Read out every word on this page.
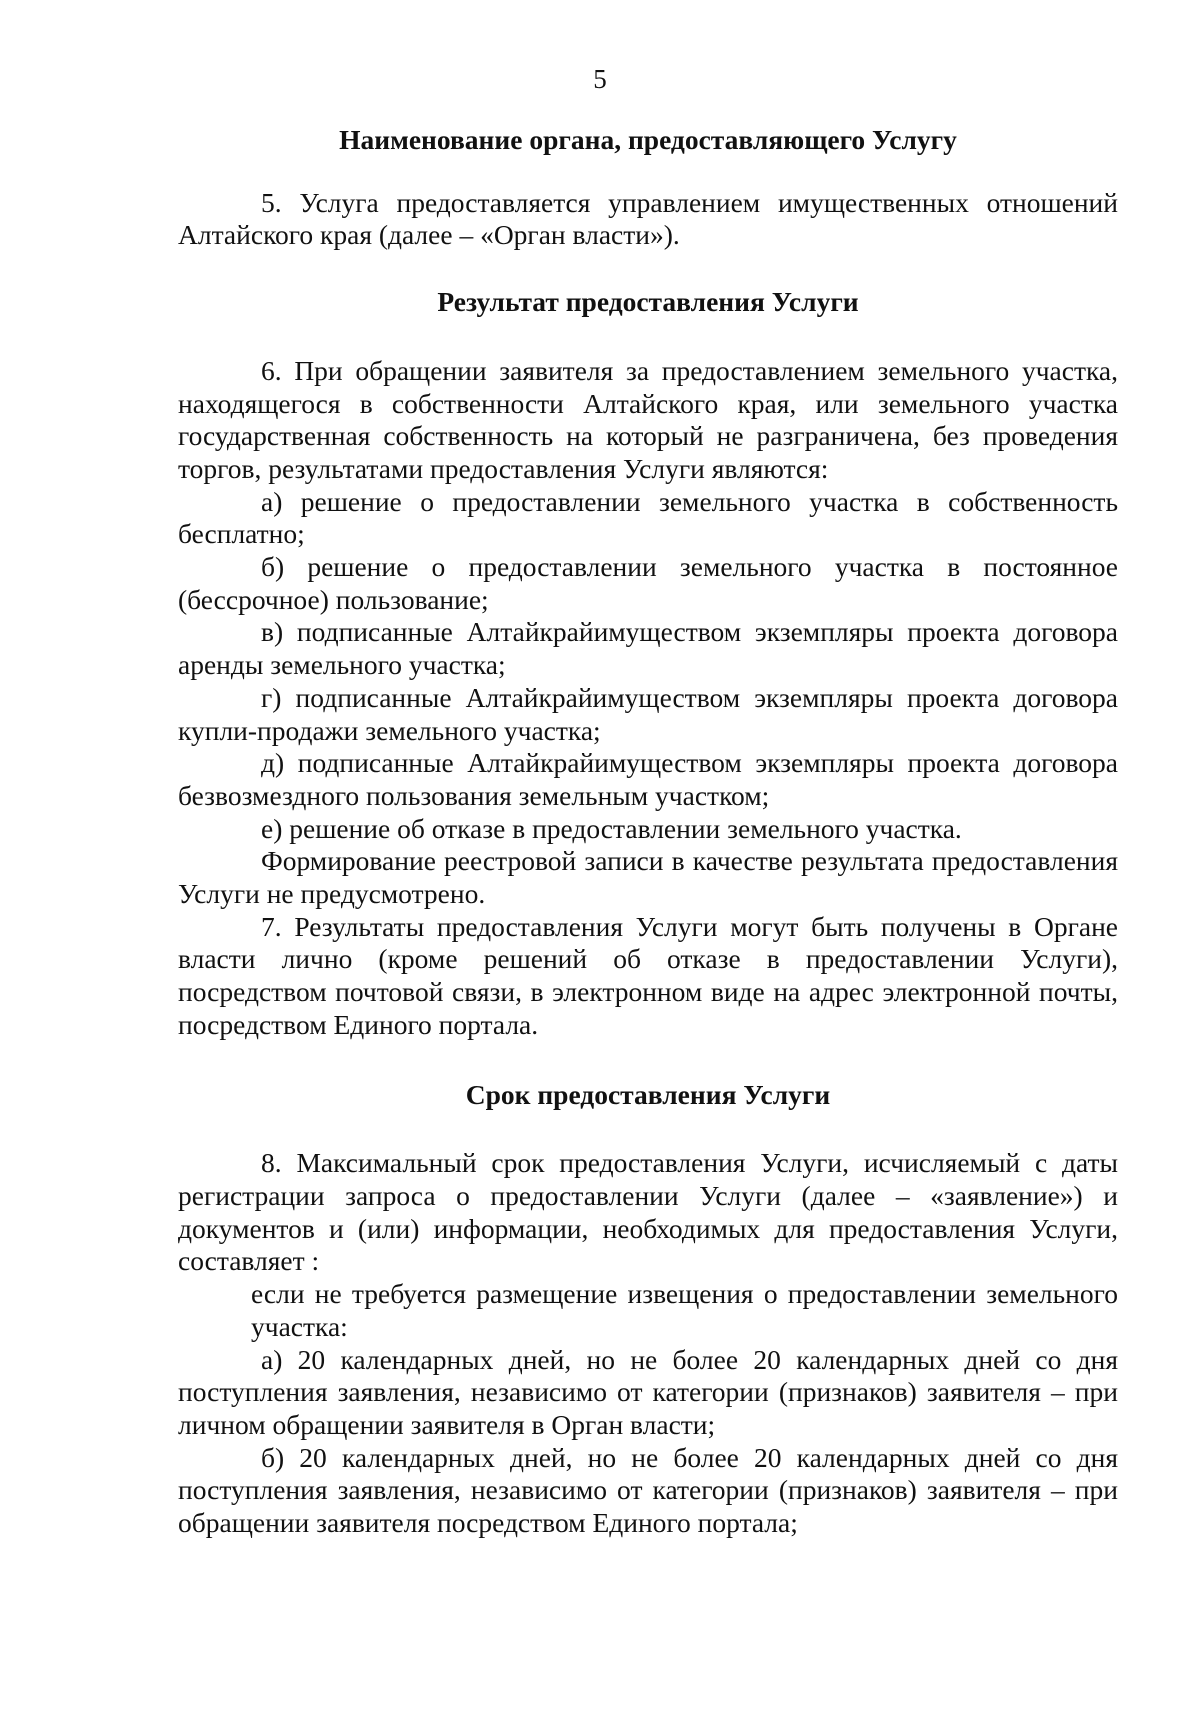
5

Наименование органа, предоставляющего Услугу

5. Услуга предоставляется управлением имущественных отношений Алтайского края (далее – «Орган власти»).

Результат предоставления Услуги

6. При обращении заявителя за предоставлением земельного участка, находящегося в собственности Алтайского края, или земельного участка государственная собственность на который не разграничена, без проведения торгов, результатами предоставления Услуги являются:

а) решение о предоставлении земельного участка в собственность бесплатно;

б) решение о предоставлении земельного участка в постоянное (бессрочное) пользование;

в) подписанные Алтайкрайимуществом экземпляры проекта договора аренды земельного участка;

г) подписанные Алтайкрайимуществом экземпляры проекта договора купли-продажи земельного участка;

д) подписанные Алтайкрайимуществом экземпляры проекта договора безвозмездного пользования земельным участком;

е) решение об отказе в предоставлении земельного участка.

Формирование реестровой записи в качестве результата предоставления Услуги не предусмотрено.

7. Результаты предоставления Услуги могут быть получены в Органе власти лично (кроме решений об отказе в предоставлении Услуги), посредством почтовой связи, в электронном виде на адрес электронной почты, посредством Единого портала.

Срок предоставления Услуги

8. Максимальный срок предоставления Услуги, исчисляемый с даты регистрации запроса о предоставлении Услуги (далее – «заявление») и документов и (или) информации, необходимых для предоставления Услуги, составляет :

если не требуется размещение извещения о предоставлении земельного участка:

а) 20 календарных дней, но не более 20 календарных дней со дня поступления заявления, независимо от категории (признаков) заявителя – при личном обращении заявителя в Орган власти;

б) 20 календарных дней, но не более 20 календарных дней со дня поступления заявления, независимо от категории (признаков) заявителя – при обращении заявителя посредством Единого портала;
